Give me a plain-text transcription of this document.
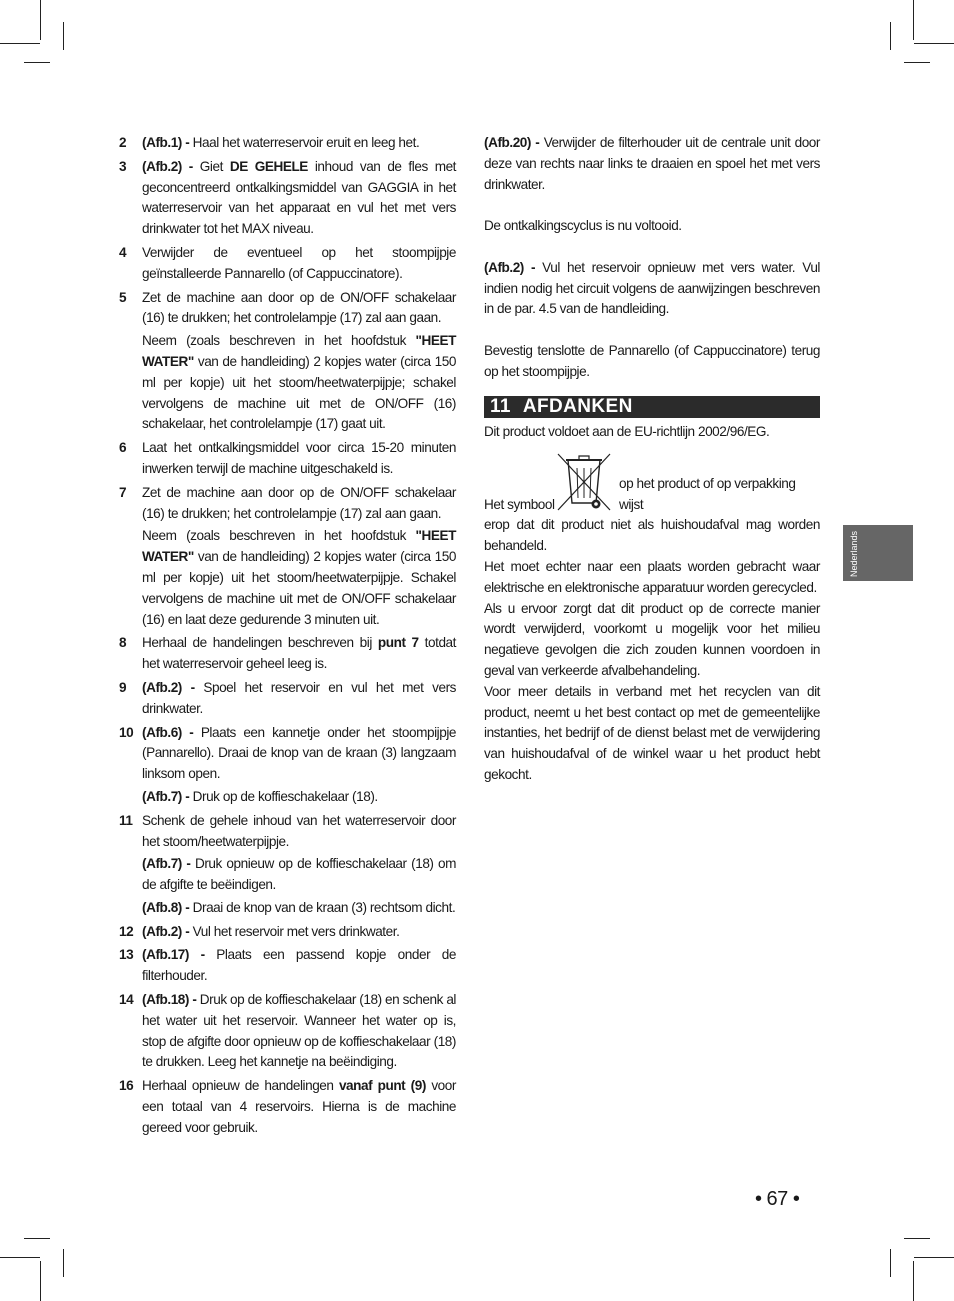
2 (Afb.1) - Haal het waterreservoir eruit en leeg het.

3 (Afb.2) - Giet DE GEHELE inhoud van de fles met geconcentreerd ontkalkingsmiddel van GAGGIA in het waterreservoir van het apparaat en vul het met vers drinkwater tot het MAX niveau.

4 Verwijder de eventueel op het stoompijpje geïnstalleerde Pannarello (of Cappuccinatore).

5 Zet de machine aan door op de ON/OFF schakelaar (16) te drukken; het controlelampje (17) zal aan gaan.

Neem (zoals beschreven in het hoofdstuk "HEET WATER" van de handleiding) 2 kopjes water (circa 150 ml per kopje) uit het stoom/heetwaterpijpje; schakel vervolgens de machine uit met de ON/OFF (16) schakelaar, het controlelampje (17) gaat uit.

6 Laat het ontkalkingsmiddel voor circa 15-20 minuten inwerken terwijl de machine uitgeschakeld is.

7 Zet de machine aan door op de ON/OFF schakelaar (16) te drukken; het controlelampje (17) zal aan gaan.

Neem (zoals beschreven in het hoofdstuk "HEET WATER" van de handleiding) 2 kopjes water (circa 150 ml per kopje) uit het stoom/heetwaterpijpje. Schakel vervolgens de machine uit met de ON/OFF schakelaar (16) en laat deze gedurende 3 minuten uit.

8 Herhaal de handelingen beschreven bij punt 7 totdat het waterreservoir geheel leeg is.

9 (Afb.2) - Spoel het reservoir en vul het met vers drinkwater.

10 (Afb.6) - Plaats een kannetje onder het stoompijpje (Pannarello). Draai de knop van de kraan (3) langzaam linksom open.

(Afb.7) - Druk op de koffieschakelaar (18).

11 Schenk de gehele inhoud van het waterreservoir door het stoom/heetwaterpijpje.

(Afb.7) - Druk opnieuw op de koffieschakelaar (18) om de afgifte te beëindigen.

(Afb.8) - Draai de knop van de kraan (3) rechtsom dicht.

12 (Afb.2) - Vul het reservoir met vers drinkwater.

13 (Afb.17) - Plaats een passend kopje onder de filterhouder.

14 (Afb.18) - Druk op de koffieschakelaar (18) en schenk al het water uit het reservoir. Wanneer het water op is, stop de afgifte door opnieuw op de koffieschakelaar (18) te drukken. Leeg het kannetje na beëindiging.

16 Herhaal opnieuw de handelingen vanaf punt (9) voor een totaal van 4 reservoirs. Hierna is de machine gereed voor gebruik.

(Afb.20) - Verwijder de filterhouder uit de centrale unit door deze van rechts naar links te draaien en spoel het met vers drinkwater.

De ontkalkingscyclus is nu voltooid.

(Afb.2) - Vul het reservoir opnieuw met vers water. Vul indien nodig het circuit volgens de aanwijzingen beschreven in de par. 4.5 van de handleiding.

Bevestig tenslotte de Pannarello (of Cappuccinatore) terug op het stoompijpje.

11 AFDANKEN

Dit product voldoet aan de EU-richtlijn 2002/96/EG.

Het symbool
op het product of op verpakking wijst

erop dat dit product niet als huishoudafval mag worden behandeld.

Het moet echter naar een plaats worden gebracht waar elektrische en elektronische apparatuur worden gerecycled.

Als u ervoor zorgt dat dit product op de correcte manier wordt verwijderd, voorkomt u mogelijk voor het milieu negatieve gevolgen die zich zouden kunnen voordoen in geval van verkeerde afvalbehandeling.

Voor meer details in verband met het recyclen van dit product, neemt u het best contact op met de gemeentelijke instanties, het bedrijf of de dienst belast met de verwijdering van huishoudafval of de winkel waar u het product hebt gekocht.

Nederlands
• 67 •
